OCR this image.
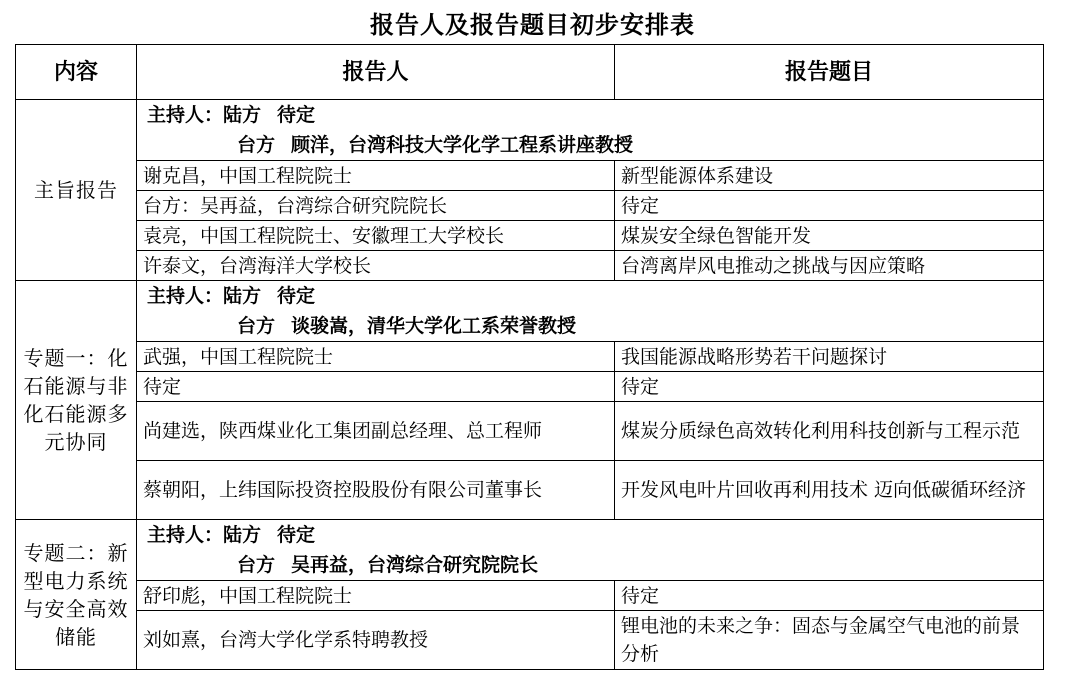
报告人及报告题目初步安排表
内容	报告人	报告题目
主旨报告	主持人：陆方 待定
台方 顾洋，台湾科技大学化学工程系讲座教授	

	谢克昌，中国工程院院士	新型能源体系建设
	台方：吴再益，台湾综合研究院院长	待定
	袁亮，中国工程院院士、安徽理工大学校长	煤炭安全绿色智能开发
	许泰文，台湾海洋大学校长	台湾离岸风电推动之挑战与因应策略
专题一：化石能源与非化石能源多元协同	主持人：陆方 待定
台方 谈骏嵩，清华大学化工系荣誉教授	

	武强，中国工程院院士	我国能源战略形势若干问题探讨
	待定	待定
	尚建选，陕西煤业化工集团副总经理、总工程师	煤炭分质绿色高效转化利用科技创新与工程示范
	蔡朝阳，上纬国际投资控股股份有限公司董事长	开发风电叶片回收再利用技术 迈向低碳循环经济
专题二：新型电力系统与安全高效储能	主持人：陆方 待定
台方 吴再益，台湾综合研究院院长	

	舒印彪，中国工程院院士	待定
	刘如熹，台湾大学化学系特聘教授	锂电池的未来之争：固态与金属空气电池的前景分析
